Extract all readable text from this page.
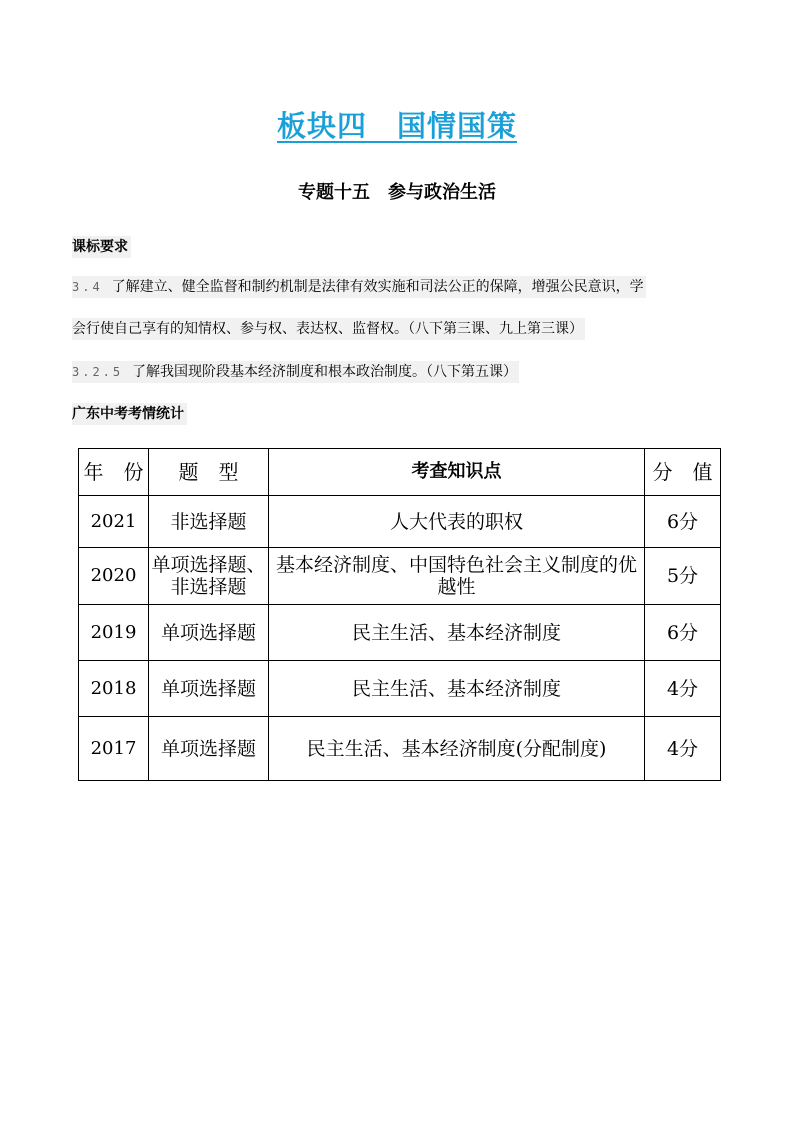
板块四　国情国策
专题十五　参与政治生活
课标要求
3.4 了解建立、健全监督和制约机制是法律有效实施和司法公正的保障，增强公民意识，学
会行使自己享有的知情权、参与权、表达权、监督权。（八下第三课、九上第三课）
3.2.5 了解我国现阶段基本经济制度和根本政治制度。（八下第五课）
广东中考考情统计
年　份	题　型	考查知识点	分　值
2021	非选择题	人大代表的职权	6分
2020	单项选择题、非选择题	基本经济制度、中国特色社会主义制度的优越性	5分
2019	单项选择题	民主生活、基本经济制度	6分
2018	单项选择题	民主生活、基本经济制度	4分
2017	单项选择题	民主生活、基本经济制度(分配制度)	4分
